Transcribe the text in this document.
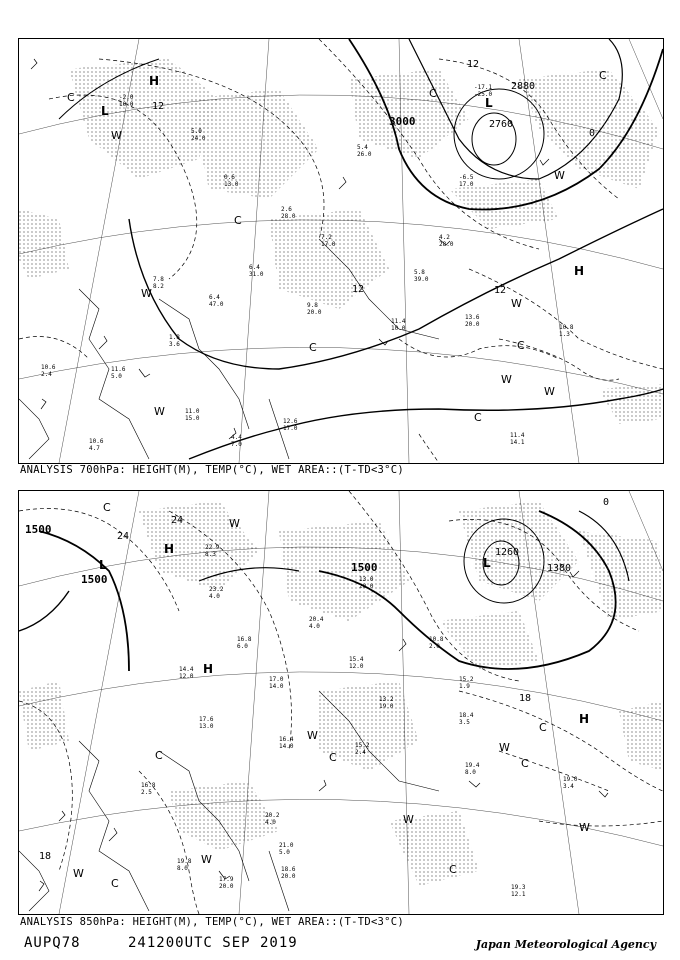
5.0
24.0
0.6
13.0
2.6
28.0
7.2
17.0
6.4
31.0
6.4
47.0
5.4
26.0
-6.5
17.0
4.2
28.0
5.8
39.0
1.8
3.6
-2.0
10.0
-17.1
-25.0
3000
2880
2760
12
12
12	12
0
H
L
L
H
C
W
C
C
W
C
W
C
W
W
C
W
C
W
13.6
20.0	10.8
1.3
11.4
10.0
11.4
14.1
11.0
15.0
10.6
4.7
12.6
17.0
4.4
7.0
11.6
5.0
10.6
2.4
9.8
20.0
7.8
8.2
ANALYSIS 700hPa: HEIGHT(M), TEMP(°C), WET AREA::(T-TD<3°C)
23.2
4.0
16.8
6.0
17.0
14.0
20.4
4.0
15.4
12.0
13.2
19.0
17.6
13.0
16.4
14.0
10.8
2.0
15.2
1.9
13.0
20.0
14.4
12.0
1500
1500
1500
1260
1380
24
24
18
18
0
H
L
H
L
H
C
W
C	C
W
W
W
C
W
C
C
W
C
W
19.4
8.0
19.0
3.4
19.3
12.1
15.2
2.4
18.4
3.5
19.8
8.0
17.9
20.0
20.2
4.0
21.0
5.0
18.6
20.0
16.8
2.5
22.9
8.3
ANALYSIS 850hPa: HEIGHT(M), TEMP(°C), WET AREA::(T-TD<3°C)
AUPQ78	241200UTC SEP 2019	Japan Meteorological Agency
